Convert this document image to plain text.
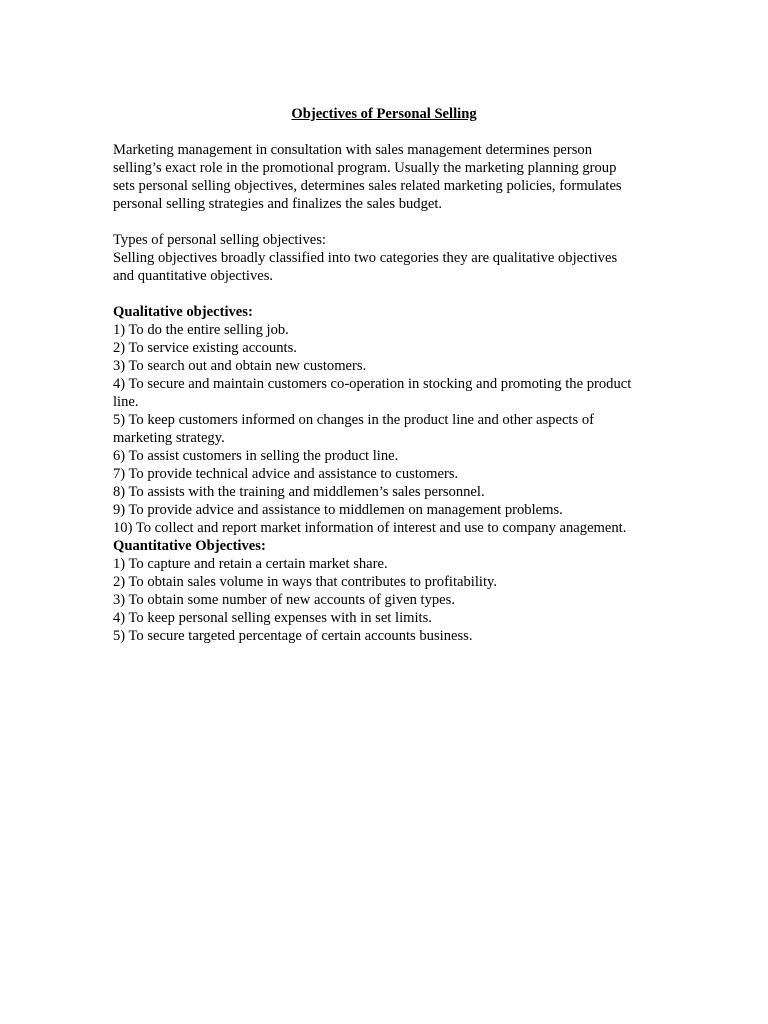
Objectives of Personal Selling
Marketing management in consultation with sales management determines person
selling’s exact role in the promotional program. Usually the marketing planning group
sets personal selling objectives, determines sales related marketing policies, formulates
personal selling strategies and finalizes the sales budget.
Types of personal selling objectives:
Selling objectives broadly classified into two categories they are qualitative objectives
and quantitative objectives.
Qualitative objectives:
1) To do the entire selling job.
2) To service existing accounts.
3) To search out and obtain new customers.
4) To secure and maintain customers co-operation in stocking and promoting the product
line.
5) To keep customers informed on changes in the product line and other aspects of
marketing strategy.
6) To assist customers in selling the product line.
7) To provide technical advice and assistance to customers.
8) To assists with the training and middlemen’s sales personnel.
9) To provide advice and assistance to middlemen on management problems.
10) To collect and report market information of interest and use to company anagement.
Quantitative Objectives:
1) To capture and retain a certain market share.
2) To obtain sales volume in ways that contributes to profitability.
3) To obtain some number of new accounts of given types.
4) To keep personal selling expenses with in set limits.
5) To secure targeted percentage of certain accounts business.
